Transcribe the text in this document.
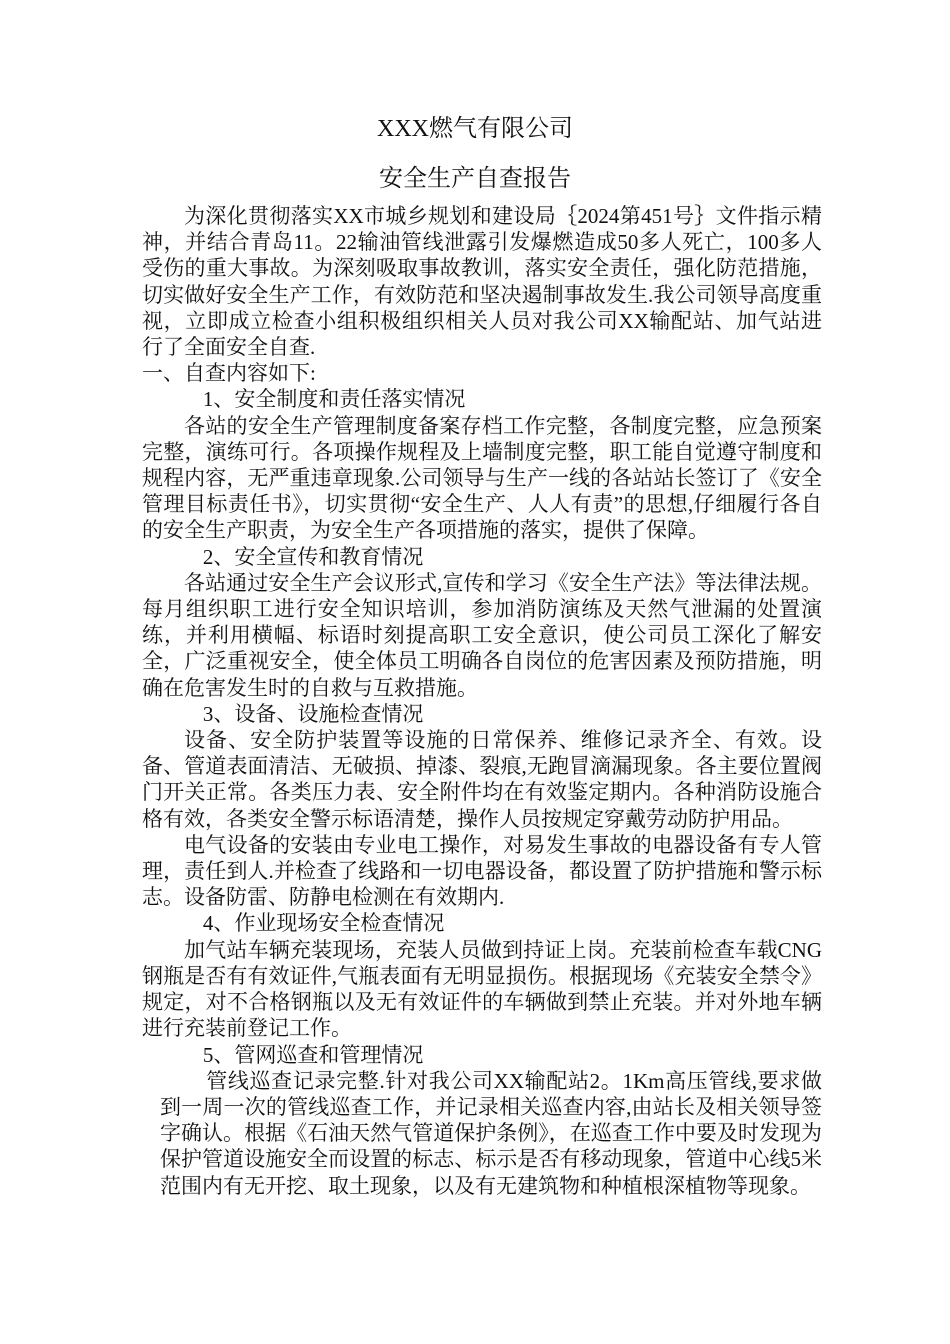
XXX燃气有限公司
安全生产自查报告

为深化贯彻落实XX市城乡规划和建设局｛2024第451号｝文件指示精神，并结合青岛11。22输油管线泄露引发爆燃造成50多人死亡，100多人受伤的重大事故。为深刻吸取事故教训，落实安全责任，强化防范措施，切实做好安全生产工作，有效防范和坚决遏制事故发生.我公司领导高度重视，立即成立检查小组积极组织相关人员对我公司XX输配站、加气站进行了全面安全自查.

一、自查内容如下:

1、安全制度和责任落实情况

各站的安全生产管理制度备案存档工作完整，各制度完整，应急预案完整，演练可行。各项操作规程及上墙制度完整，职工能自觉遵守制度和规程内容，无严重违章现象.公司领导与生产一线的各站站长签订了《安全管理目标责任书》，切实贯彻“安全生产、人人有责”的思想,仔细履行各自的安全生产职责，为安全生产各项措施的落实，提供了保障。

2、安全宣传和教育情况

各站通过安全生产会议形式,宣传和学习《安全生产法》等法律法规。每月组织职工进行安全知识培训，参加消防演练及天然气泄漏的处置演练，并利用横幅、标语时刻提高职工安全意识，使公司员工深化了解安全，广泛重视安全，使全体员工明确各自岗位的危害因素及预防措施，明确在危害发生时的自救与互救措施。

3、设备、设施检查情况

设备、安全防护装置等设施的日常保养、维修记录齐全、有效。设备、管道表面清洁、无破损、掉漆、裂痕,无跑冒滴漏现象。各主要位置阀门开关正常。各类压力表、安全附件均在有效鉴定期内。各种消防设施合格有效，各类安全警示标语清楚，操作人员按规定穿戴劳动防护用品。

电气设备的安装由专业电工操作，对易发生事故的电器设备有专人管理，责任到人.并检查了线路和一切电器设备，都设置了防护措施和警示标志。设备防雷、防静电检测在有效期内.

4、作业现场安全检查情况

加气站车辆充装现场，充装人员做到持证上岗。充装前检查车载CNG钢瓶是否有有效证件,气瓶表面有无明显损伤。根据现场《充装安全禁令》规定，对不合格钢瓶以及无有效证件的车辆做到禁止充装。并对外地车辆进行充装前登记工作。

5、管网巡查和管理情况

管线巡查记录完整.针对我公司XX输配站2。1Km高压管线,要求做到一周一次的管线巡查工作，并记录相关巡查内容,由站长及相关领导签字确认。根据《石油天然气管道保护条例》，在巡查工作中要及时发现为保护管道设施安全而设置的标志、标示是否有移动现象，管道中心线5米范围内有无开挖、取土现象，以及有无建筑物和种植根深植物等现象。
